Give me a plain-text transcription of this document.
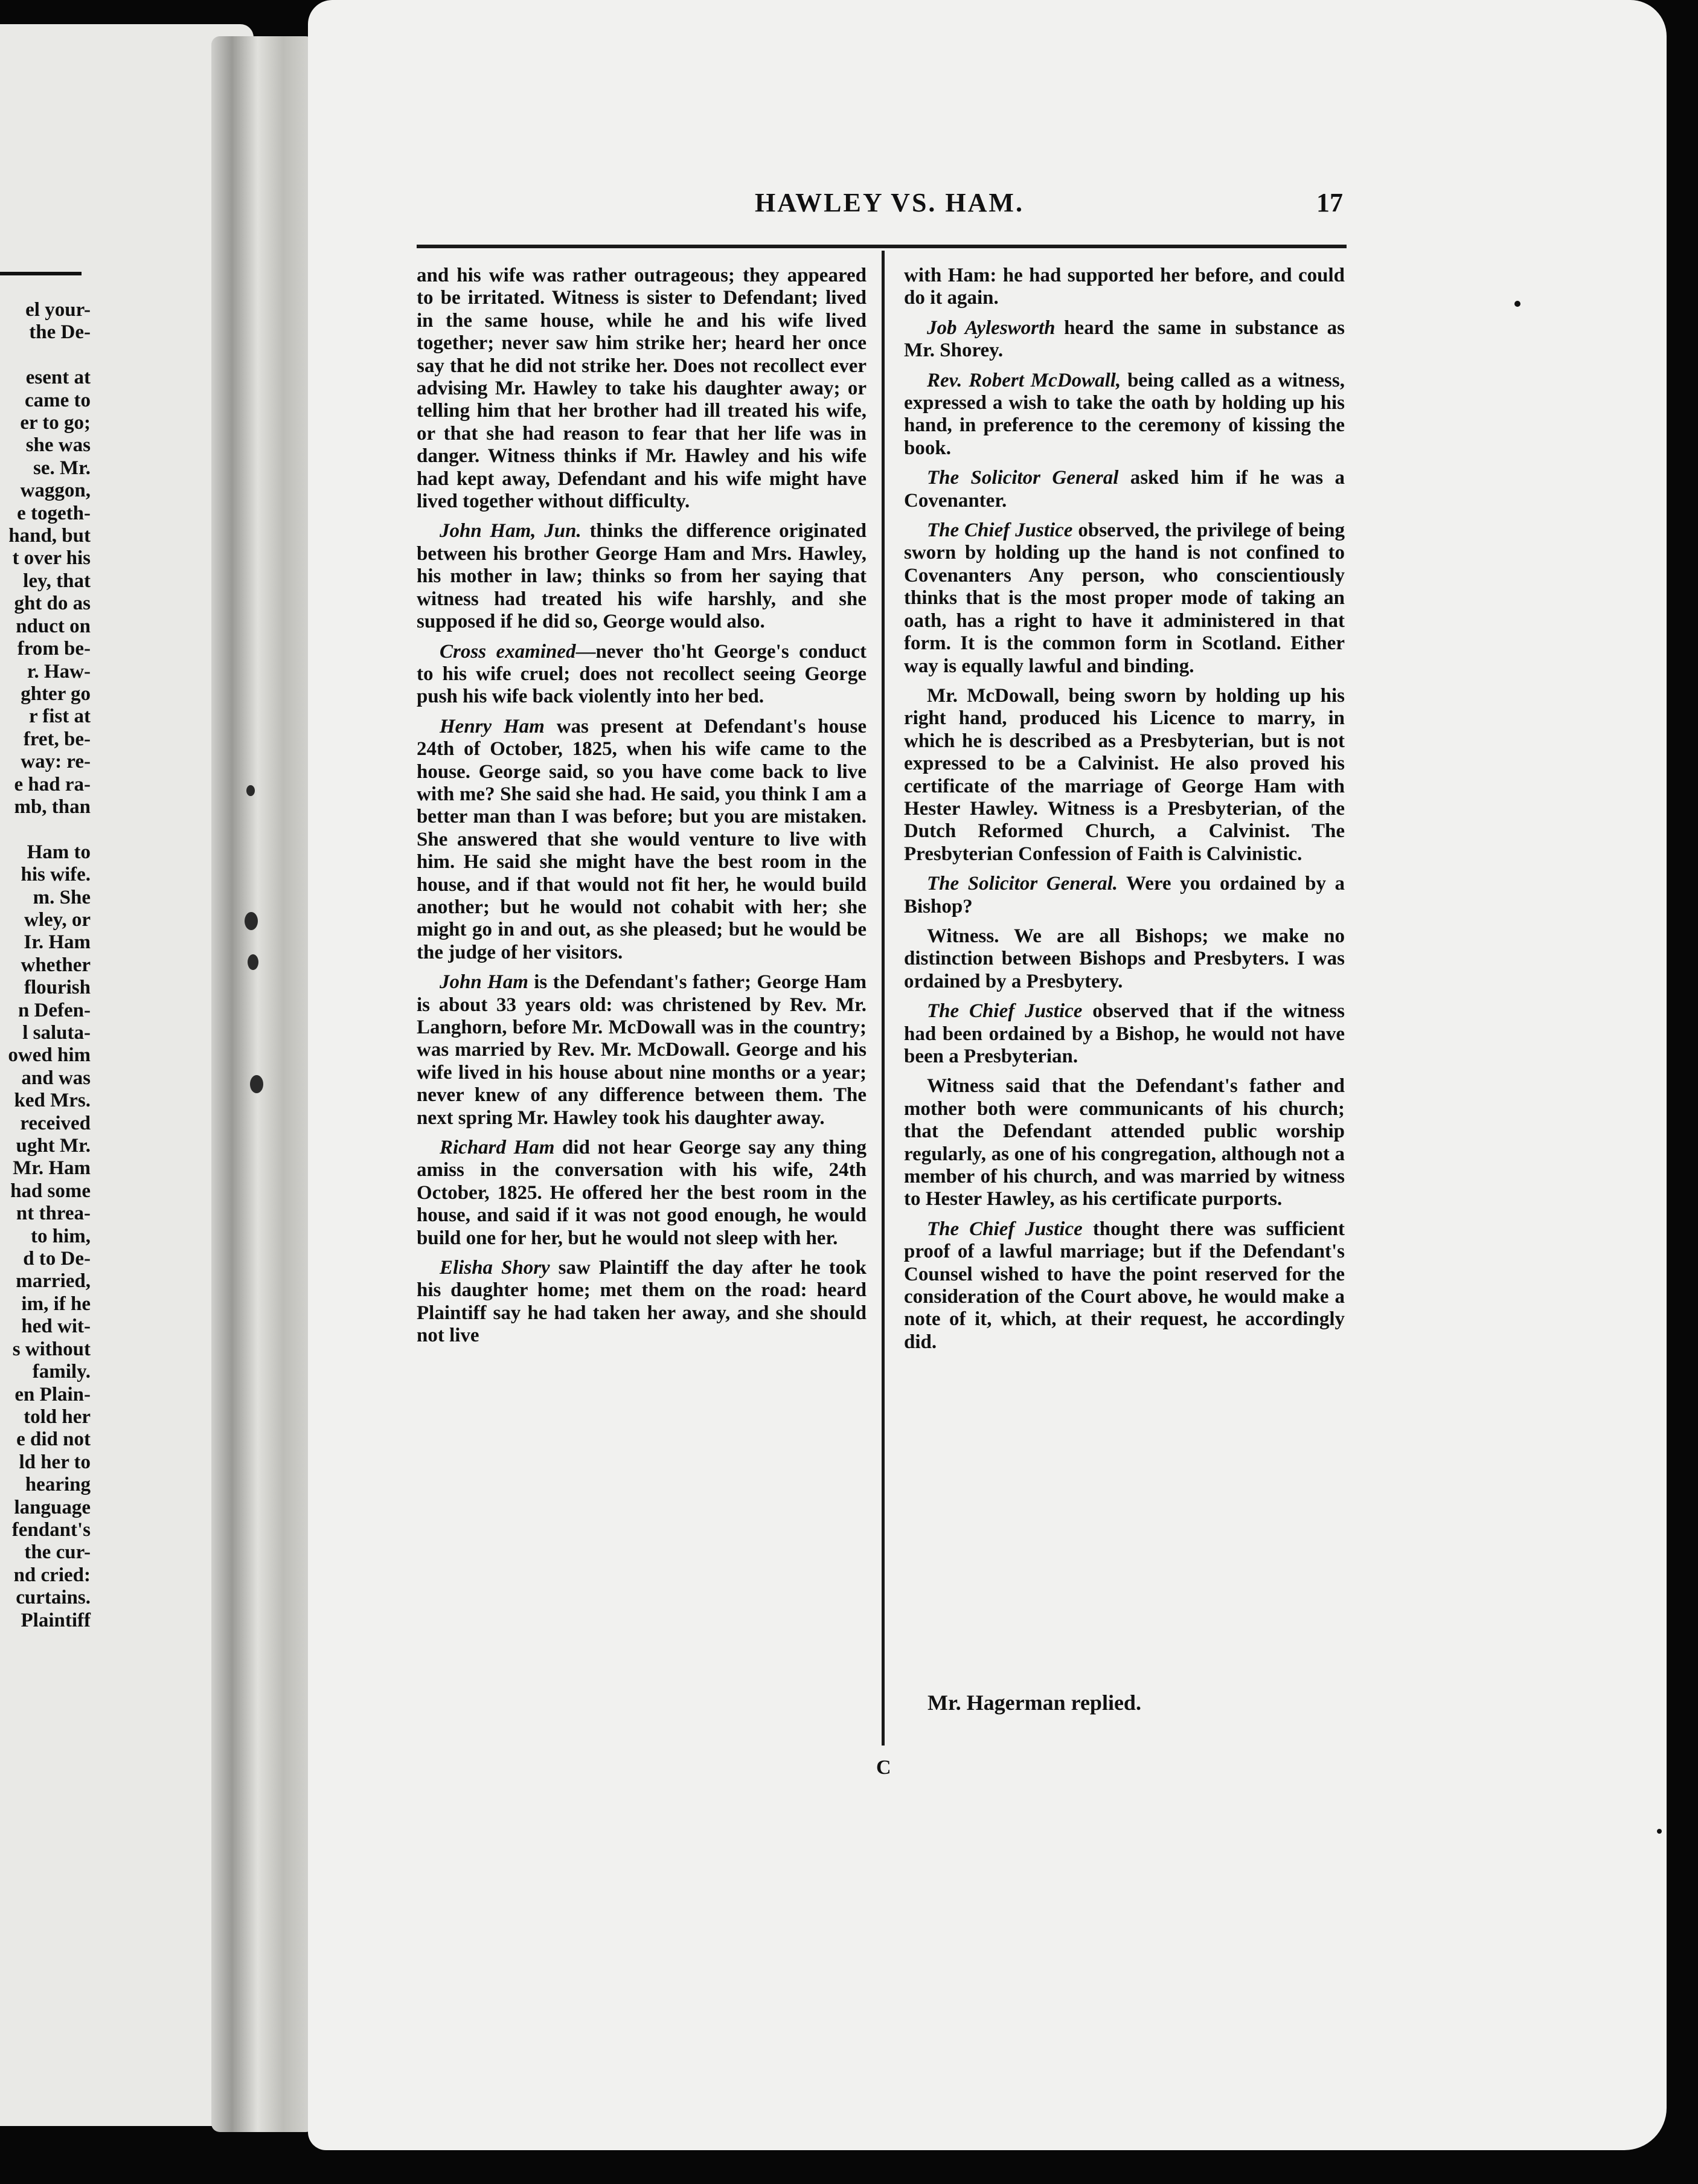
el your-
the De-

esent at
came to
er to go;
she was
se. Mr.
waggon,
e togeth-
hand, but
t over his
ley, that
ght do as
nduct on
from be-
r. Haw-
ghter go
r fist at
fret, be-
way: re-
e had ra-
mb, than

Ham to
his wife.
m. She
wley, or
Ir. Ham
whether
flourish
n Defen-
l saluta-
owed him
and was
ked Mrs.
received
ught Mr.
Mr. Ham
had some
nt threa-
to him,
d to De-
married,
im, if he
hed wit-
s without
family.
en Plain-
told her
e did not
ld her to
hearing
language
fendant's
the cur-
nd cried:
curtains.
Plaintiff
HAWLEY VS. HAM.	17

and his wife was rather outrageous; they appeared to be irritated. Witness is sister to Defendant; lived in the same house, while he and his wife lived together; never saw him strike her; heard her once say that he did not strike her. Does not recollect ever advising Mr. Hawley to take his daughter away; or telling him that her brother had ill treated his wife, or that she had reason to fear that her life was in danger. Witness thinks if Mr. Hawley and his wife had kept away, Defendant and his wife might have lived together without difficulty.

John Ham, Jun. thinks the difference originated between his brother George Ham and Mrs. Hawley, his mother in law; thinks so from her saying that witness had treated his wife harshly, and she supposed if he did so, George would also.

Cross examined—never tho'ht George's conduct to his wife cruel; does not recollect seeing George push his wife back violently into her bed.

Henry Ham was present at Defendant's house 24th of October, 1825, when his wife came to the house. George said, so you have come back to live with me? She said she had. He said, you think I am a better man than I was before; but you are mistaken. She answered that she would venture to live with him. He said she might have the best room in the house, and if that would not fit her, he would build another; but he would not cohabit with her; she might go in and out, as she pleased; but he would be the judge of her visitors.

John Ham is the Defendant's father; George Ham is about 33 years old: was christened by Rev. Mr. Langhorn, before Mr. McDowall was in the country; was married by Rev. Mr. McDowall. George and his wife lived in his house about nine months or a year; never knew of any difference between them. The next spring Mr. Hawley took his daughter away.

Richard Ham did not hear George say any thing amiss in the conversation with his wife, 24th October, 1825. He offered her the best room in the house, and said if it was not good enough, he would build one for her, but he would not sleep with her.

Elisha Shory saw Plaintiff the day after he took his daughter home; met them on the road: heard Plaintiff say he had taken her away, and she should not live

with Ham: he had supported her before, and could do it again.

Job Aylesworth heard the same in substance as Mr. Shorey.

Rev. Robert McDowall, being called as a witness, expressed a wish to take the oath by holding up his hand, in preference to the ceremony of kissing the book.

The Solicitor General asked him if he was a Covenanter.

The Chief Justice observed, the privilege of being sworn by holding up the hand is not confined to Covenanters Any person, who conscientiously thinks that is the most proper mode of taking an oath, has a right to have it administered in that form. It is the common form in Scotland. Either way is equally lawful and binding.

Mr. McDowall, being sworn by holding up his right hand, produced his Licence to marry, in which he is described as a Presbyterian, but is not expressed to be a Calvinist. He also proved his certificate of the marriage of George Ham with Hester Hawley. Witness is a Presbyterian, of the Dutch Reformed Church, a Calvinist. The Presbyterian Confession of Faith is Calvinistic.

The Solicitor General. Were you ordained by a Bishop?

Witness. We are all Bishops; we make no distinction between Bishops and Presbyters. I was ordained by a Presbytery.

The Chief Justice observed that if the witness had been ordained by a Bishop, he would not have been a Presbyterian.

Witness said that the Defendant's father and mother both were communicants of his church; that the Defendant attended public worship regularly, as one of his congregation, although not a member of his church, and was married by witness to Hester Hawley, as his certificate purports.

The Chief Justice thought there was sufficient proof of a lawful marriage; but if the Defendant's Counsel wished to have the point reserved for the consideration of the Court above, he would make a note of it, which, at their request, he accordingly did.

Mr. Hagerman replied.
C
